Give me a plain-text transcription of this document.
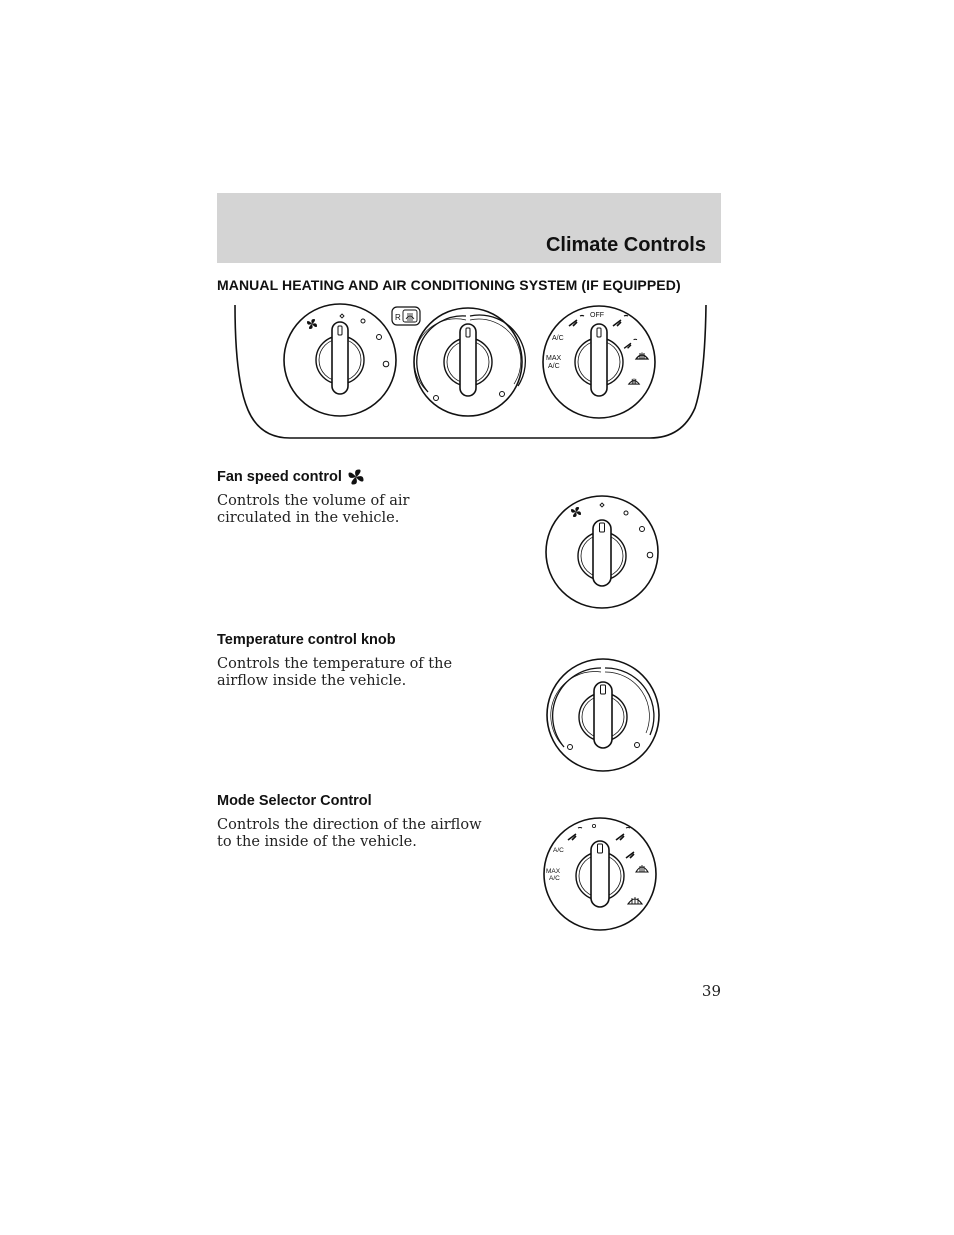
Climate Controls
MANUAL HEATING AND AIR CONDITIONING SYSTEM (IF EQUIPPED)
R	OFF
A/C
MAX
A/C
Fan speed control
Controls the volume of air circulated in the vehicle.
Temperature control knob
Controls the temperature of the airflow inside the vehicle.
Mode Selector Control
Controls the direction of the airflow to the inside of the vehicle.
A/C
MAX
A/C
39
